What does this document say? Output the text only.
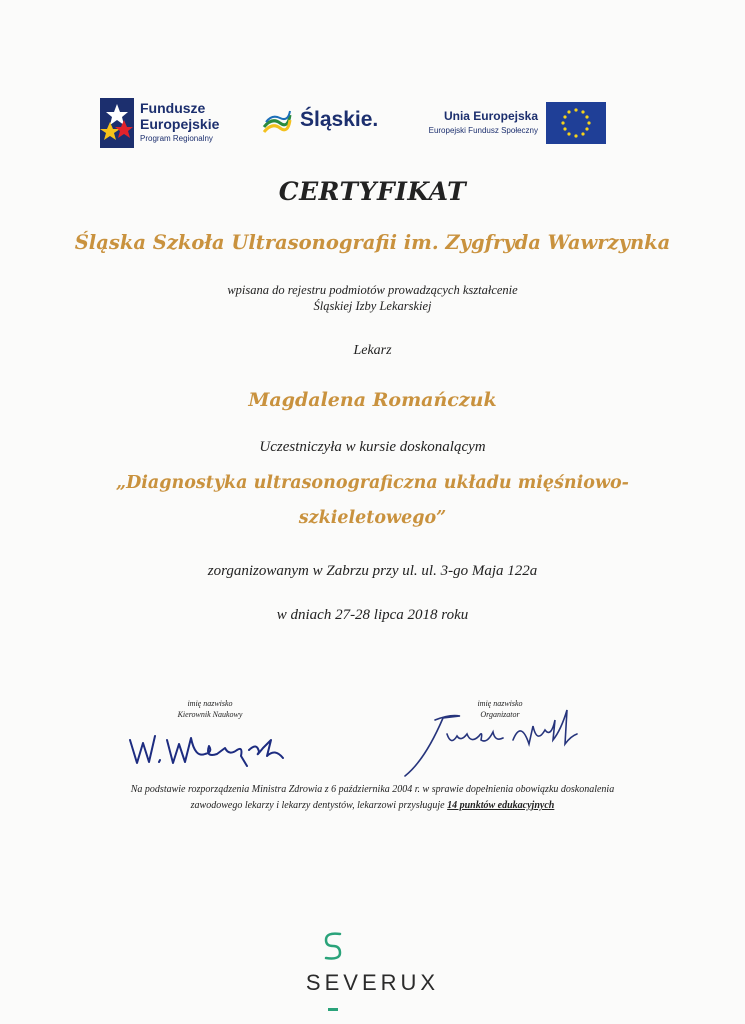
Fundusze
Europejskie
Program Regionalny
Śląskie.	Unia Europejska
Europejski Fundusz Społeczny
CERTYFIKAT
Śląska Szkoła Ultrasonografii im. Zygfryda Wawrzynka
wpisana do rejestru podmiotów prowadzących kształcenie
Śląskiej Izby Lekarskiej
Lekarz
Magdalena Romańczuk
Uczestniczyła w kursie doskonalącym
„Diagnostyka ultrasonograficzna układu mięśniowo-
szkieletowego”
zorganizowanym w Zabrzu przy ul. ul. 3-go Maja 122a
w dniach 27-28 lipca 2018 roku
imię nazwisko
Kierownik Naukowy
imię nazwisko
Organizator
Na podstawie rozporządzenia Ministra Zdrowia z 6 października 2004 r. w sprawie dopełnienia obowiązku doskonalenia
zawodowego lekarzy i lekarzy dentystów, lekarzowi przysługuje 14 punktów edukacyjnych
SEVERUX
